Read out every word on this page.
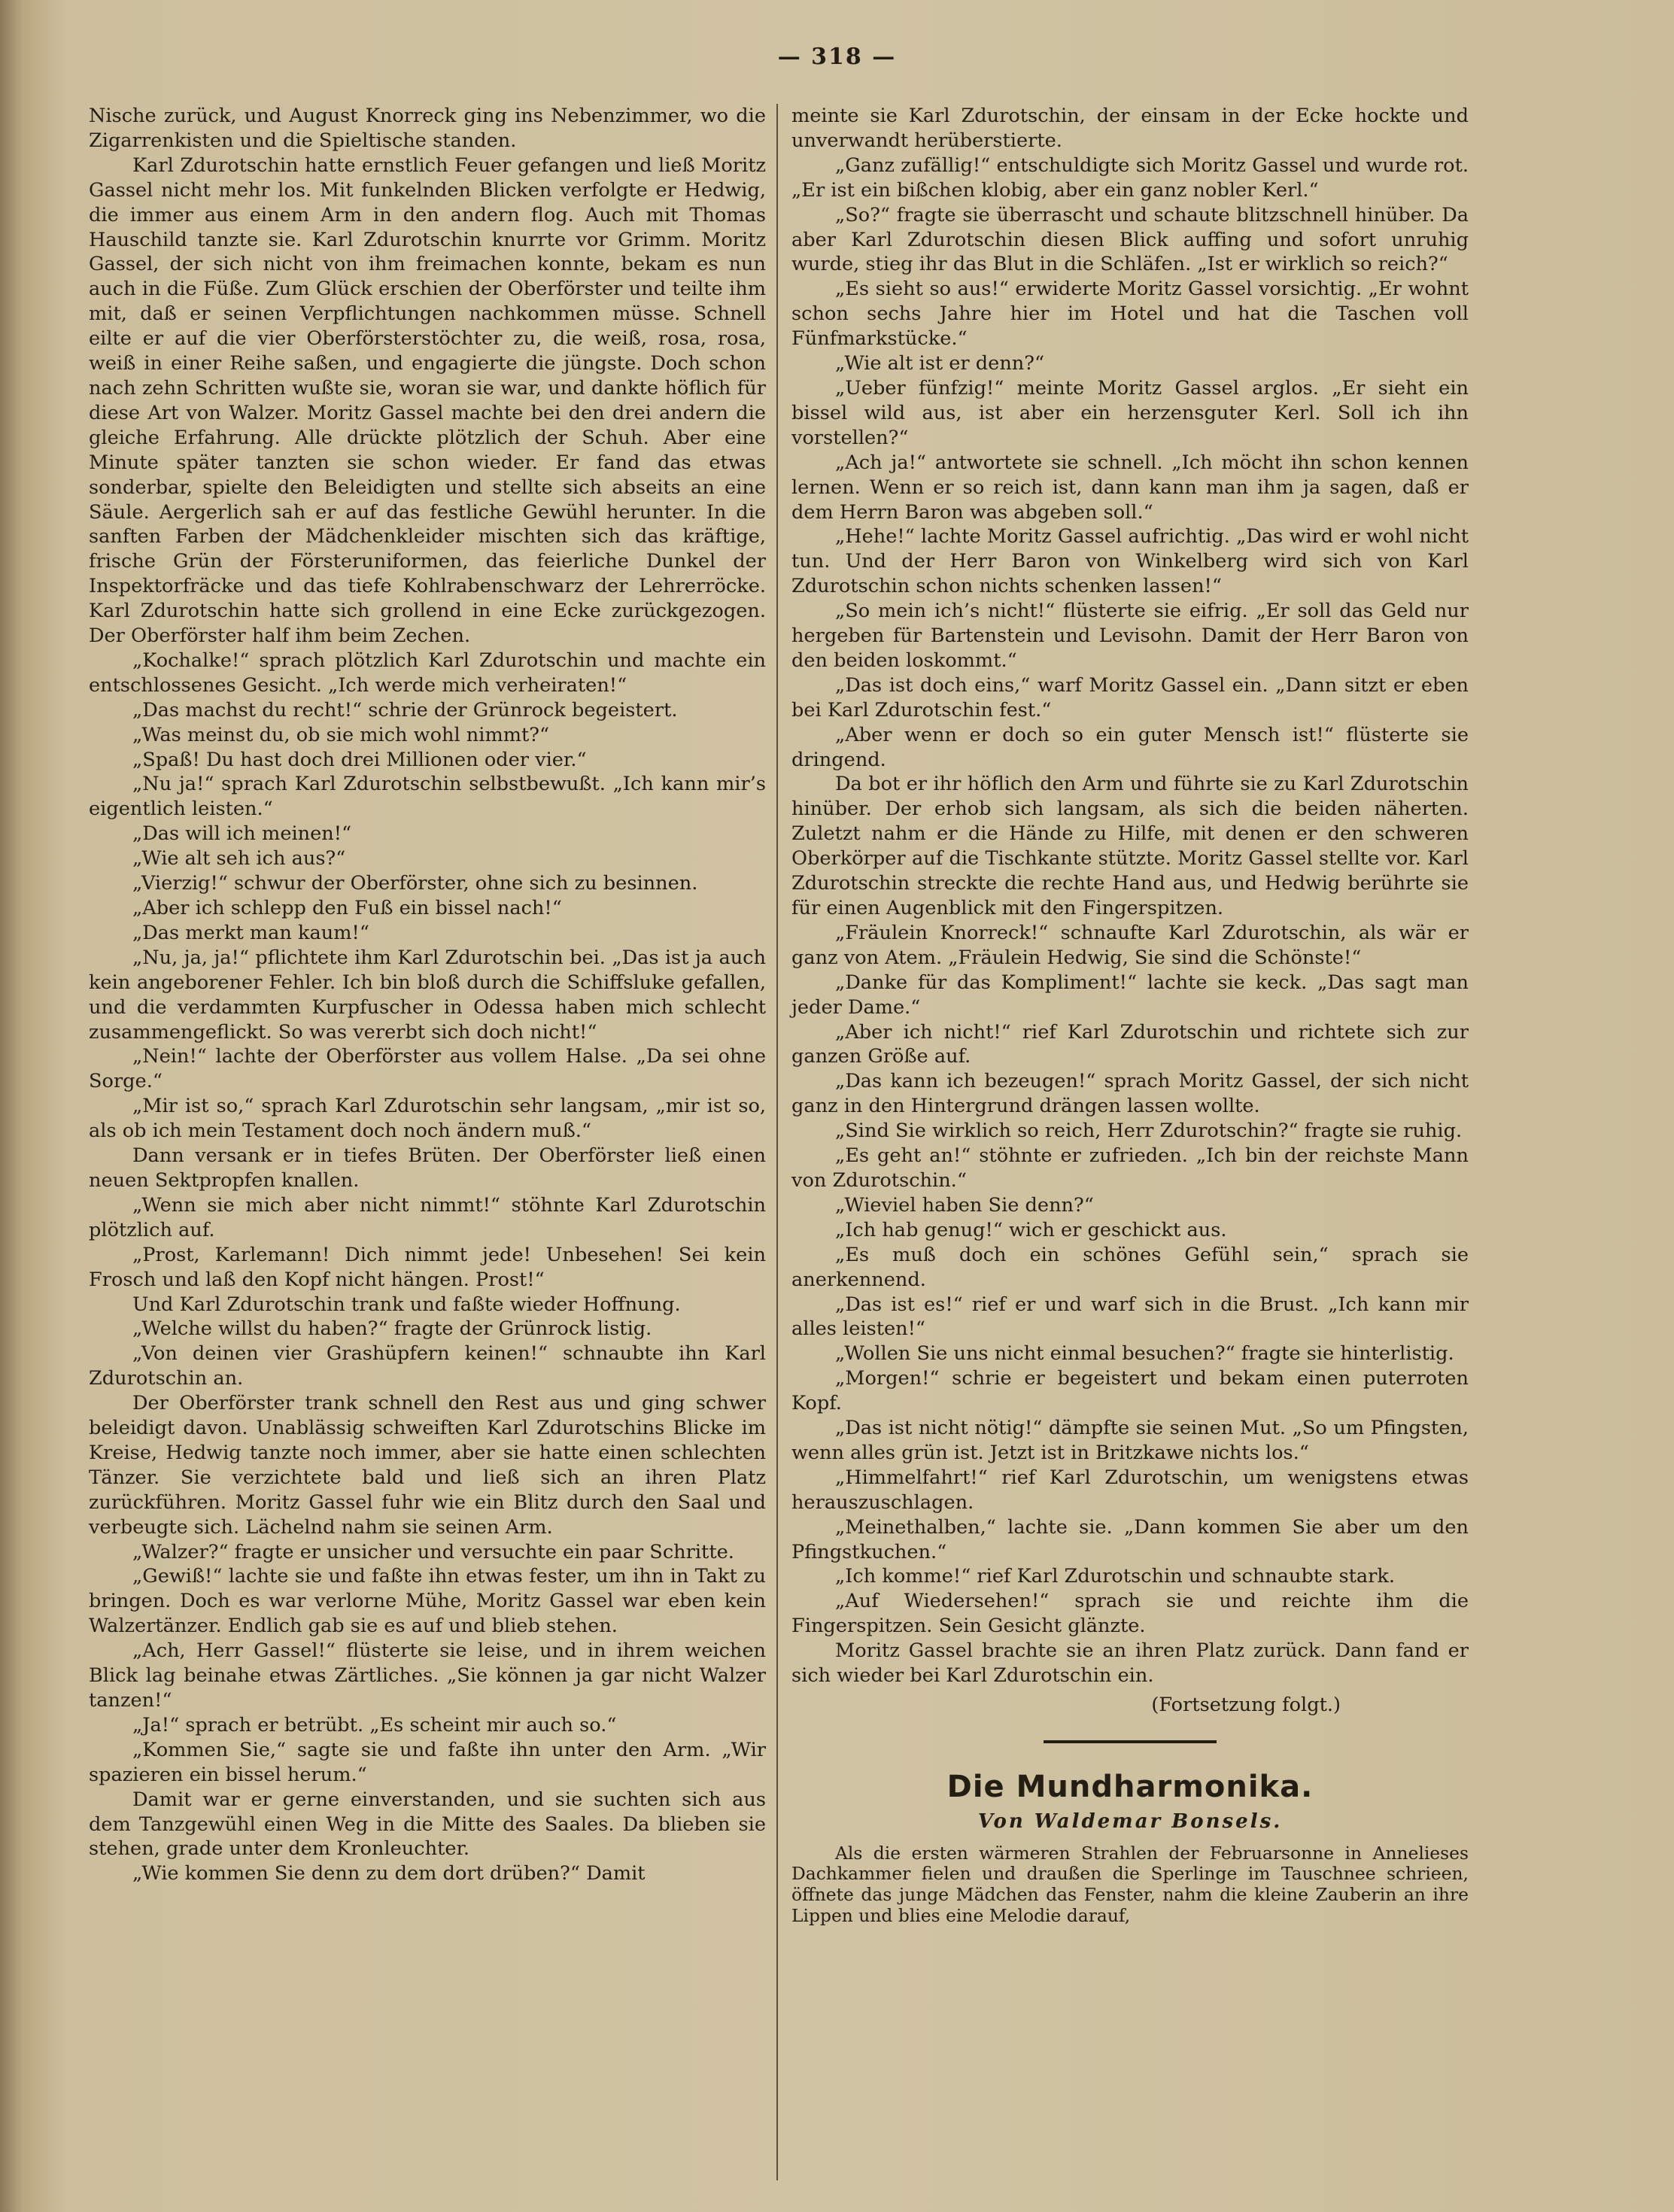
— 318 —

Nische zurück, und August Knorreck ging ins Nebenzimmer, wo die Zigarrenkisten und die Spieltische standen.

Karl Zdurotschin hatte ernstlich Feuer gefangen und ließ Moritz Gassel nicht mehr los. Mit funkelnden Blicken verfolgte er Hedwig, die immer aus einem Arm in den andern flog. Auch mit Thomas Hauschild tanzte sie. Karl Zdurotschin knurrte vor Grimm. Moritz Gassel, der sich nicht von ihm freimachen konnte, bekam es nun auch in die Füße. Zum Glück erschien der Oberförster und teilte ihm mit, daß er seinen Verpflichtungen nachkommen müsse. Schnell eilte er auf die vier Oberförsterstöchter zu, die weiß, rosa, rosa, weiß in einer Reihe saßen, und engagierte die jüngste. Doch schon nach zehn Schritten wußte sie, woran sie war, und dankte höflich für diese Art von Walzer. Moritz Gassel machte bei den drei andern die gleiche Erfahrung. Alle drückte plötzlich der Schuh. Aber eine Minute später tanzten sie schon wieder. Er fand das etwas sonderbar, spielte den Beleidigten und stellte sich abseits an eine Säule. Aergerlich sah er auf das festliche Gewühl herunter. In die sanften Farben der Mädchenkleider mischten sich das kräftige, frische Grün der Försteruniformen, das feierliche Dunkel der Inspektorfräcke und das tiefe Kohlrabenschwarz der Lehrerröcke. Karl Zdurotschin hatte sich grollend in eine Ecke zurückgezogen. Der Oberförster half ihm beim Zechen.

„Kochalke!“ sprach plötzlich Karl Zdurotschin und machte ein entschlossenes Gesicht. „Ich werde mich verheiraten!“

„Das machst du recht!“ schrie der Grünrock begeistert.

„Was meinst du, ob sie mich wohl nimmt?“

„Spaß! Du hast doch drei Millionen oder vier.“

„Nu ja!“ sprach Karl Zdurotschin selbstbewußt. „Ich kann mir’s eigentlich leisten.“

„Das will ich meinen!“

„Wie alt seh ich aus?“

„Vierzig!“ schwur der Oberförster, ohne sich zu besinnen.

„Aber ich schlepp den Fuß ein bissel nach!“

„Das merkt man kaum!“

„Nu, ja, ja!“ pflichtete ihm Karl Zdurotschin bei. „Das ist ja auch kein angeborener Fehler. Ich bin bloß durch die Schiffsluke gefallen, und die verdammten Kurpfuscher in Odessa haben mich schlecht zusammengeflickt. So was vererbt sich doch nicht!“

„Nein!“ lachte der Oberförster aus vollem Halse. „Da sei ohne Sorge.“

„Mir ist so,“ sprach Karl Zdurotschin sehr langsam, „mir ist so, als ob ich mein Testament doch noch ändern muß.“

Dann versank er in tiefes Brüten. Der Oberförster ließ einen neuen Sektpropfen knallen.

„Wenn sie mich aber nicht nimmt!“ stöhnte Karl Zdurotschin plötzlich auf.

„Prost, Karlemann! Dich nimmt jede! Unbesehen! Sei kein Frosch und laß den Kopf nicht hängen. Prost!“

Und Karl Zdurotschin trank und faßte wieder Hoffnung.

„Welche willst du haben?“ fragte der Grünrock listig.

„Von deinen vier Grashüpfern keinen!“ schnaubte ihn Karl Zdurotschin an.

Der Oberförster trank schnell den Rest aus und ging schwer beleidigt davon. Unablässig schweiften Karl Zdurotschins Blicke im Kreise, Hedwig tanzte noch immer, aber sie hatte einen schlechten Tänzer. Sie verzichtete bald und ließ sich an ihren Platz zurückführen. Moritz Gassel fuhr wie ein Blitz durch den Saal und verbeugte sich. Lächelnd nahm sie seinen Arm.

„Walzer?“ fragte er unsicher und versuchte ein paar Schritte.

„Gewiß!“ lachte sie und faßte ihn etwas fester, um ihn in Takt zu bringen. Doch es war verlorne Mühe, Moritz Gassel war eben kein Walzertänzer. Endlich gab sie es auf und blieb stehen.

„Ach, Herr Gassel!“ flüsterte sie leise, und in ihrem weichen Blick lag beinahe etwas Zärtliches. „Sie können ja gar nicht Walzer tanzen!“

„Ja!“ sprach er betrübt. „Es scheint mir auch so.“

„Kommen Sie,“ sagte sie und faßte ihn unter den Arm. „Wir spazieren ein bissel herum.“

Damit war er gerne einverstanden, und sie suchten sich aus dem Tanzgewühl einen Weg in die Mitte des Saales. Da blieben sie stehen, grade unter dem Kronleuchter.

„Wie kommen Sie denn zu dem dort drüben?“ Damit

meinte sie Karl Zdurotschin, der einsam in der Ecke hockte und unverwandt herüberstierte.

„Ganz zufällig!“ entschuldigte sich Moritz Gassel und wurde rot. „Er ist ein bißchen klobig, aber ein ganz nobler Kerl.“

„So?“ fragte sie überrascht und schaute blitzschnell hinüber. Da aber Karl Zdurotschin diesen Blick auffing und sofort unruhig wurde, stieg ihr das Blut in die Schläfen. „Ist er wirklich so reich?“

„Es sieht so aus!“ erwiderte Moritz Gassel vorsichtig. „Er wohnt schon sechs Jahre hier im Hotel und hat die Taschen voll Fünfmarkstücke.“

„Wie alt ist er denn?“

„Ueber fünfzig!“ meinte Moritz Gassel arglos. „Er sieht ein bissel wild aus, ist aber ein herzensguter Kerl. Soll ich ihn vorstellen?“

„Ach ja!“ antwortete sie schnell. „Ich möcht ihn schon kennen lernen. Wenn er so reich ist, dann kann man ihm ja sagen, daß er dem Herrn Baron was abgeben soll.“

„Hehe!“ lachte Moritz Gassel aufrichtig. „Das wird er wohl nicht tun. Und der Herr Baron von Winkelberg wird sich von Karl Zdurotschin schon nichts schenken lassen!“

„So mein ich’s nicht!“ flüsterte sie eifrig. „Er soll das Geld nur hergeben für Bartenstein und Levisohn. Damit der Herr Baron von den beiden loskommt.“

„Das ist doch eins,“ warf Moritz Gassel ein. „Dann sitzt er eben bei Karl Zdurotschin fest.“

„Aber wenn er doch so ein guter Mensch ist!“ flüsterte sie dringend.

Da bot er ihr höflich den Arm und führte sie zu Karl Zdurotschin hinüber. Der erhob sich langsam, als sich die beiden näherten. Zuletzt nahm er die Hände zu Hilfe, mit denen er den schweren Oberkörper auf die Tischkante stützte. Moritz Gassel stellte vor. Karl Zdurotschin streckte die rechte Hand aus, und Hedwig berührte sie für einen Augenblick mit den Fingerspitzen.

„Fräulein Knorreck!“ schnaufte Karl Zdurotschin, als wär er ganz von Atem. „Fräulein Hedwig, Sie sind die Schönste!“

„Danke für das Kompliment!“ lachte sie keck. „Das sagt man jeder Dame.“

„Aber ich nicht!“ rief Karl Zdurotschin und richtete sich zur ganzen Größe auf.

„Das kann ich bezeugen!“ sprach Moritz Gassel, der sich nicht ganz in den Hintergrund drängen lassen wollte.

„Sind Sie wirklich so reich, Herr Zdurotschin?“ fragte sie ruhig.

„Es geht an!“ stöhnte er zufrieden. „Ich bin der reichste Mann von Zdurotschin.“

„Wieviel haben Sie denn?“

„Ich hab genug!“ wich er geschickt aus.

„Es muß doch ein schönes Gefühl sein,“ sprach sie anerkennend.

„Das ist es!“ rief er und warf sich in die Brust. „Ich kann mir alles leisten!“

„Wollen Sie uns nicht einmal besuchen?“ fragte sie hinterlistig.

„Morgen!“ schrie er begeistert und bekam einen puterroten Kopf.

„Das ist nicht nötig!“ dämpfte sie seinen Mut. „So um Pfingsten, wenn alles grün ist. Jetzt ist in Britzkawe nichts los.“

„Himmelfahrt!“ rief Karl Zdurotschin, um wenigstens etwas herauszuschlagen.

„Meinethalben,“ lachte sie. „Dann kommen Sie aber um den Pfingstkuchen.“

„Ich komme!“ rief Karl Zdurotschin und schnaubte stark.

„Auf Wiedersehen!“ sprach sie und reichte ihm die Fingerspitzen. Sein Gesicht glänzte.

Moritz Gassel brachte sie an ihren Platz zurück. Dann fand er sich wieder bei Karl Zdurotschin ein.

(Fortsetzung folgt.)

Die Mundharmonika.
Von Waldemar Bonsels.

Als die ersten wärmeren Strahlen der Februarsonne in Annelieses Dachkammer fielen und draußen die Sperlinge im Tauschnee schrieen, öffnete das junge Mädchen das Fenster, nahm die kleine Zauberin an ihre Lippen und blies eine Melodie darauf,
